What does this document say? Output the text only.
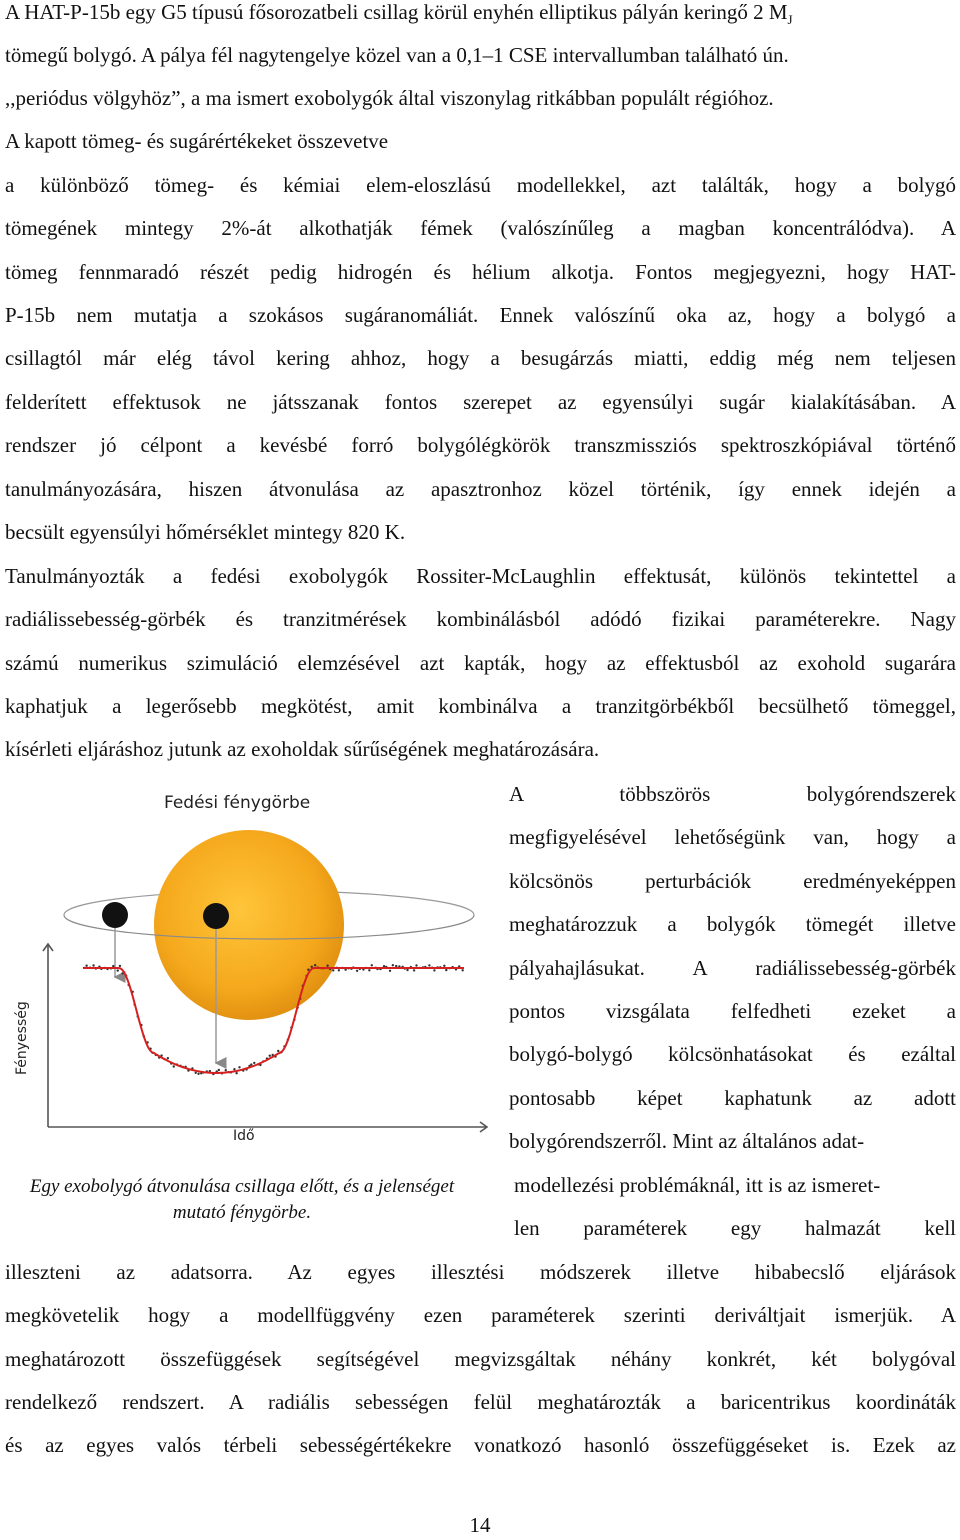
A HAT-P-15b egy G5 típusú fősorozatbeli csillag körül enyhén elliptikus pályán keringő 2 $M_J$
tömegű bolygó. A pálya fél nagytengelye közel van a 0,1–1 CSE intervallumban található ún.
,,periódus völgyhöz”, a ma ismert exobolygók által viszonylag ritkábban populált régióhoz.
A kapott tömeg- és sugárértékeket összevetve
a különböző tömeg- és kémiai elem-eloszlású modellekkel, azt találták, hogy a bolygó
tömegének mintegy 2%-át alkothatják fémek (valószínűleg a magban koncentrálódva). A
tömeg fennmaradó részét pedig hidrogén és hélium alkotja. Fontos megjegyezni, hogy HAT-
P-15b nem mutatja a szokásos sugáranomáliát. Ennek valószínű oka az, hogy a bolygó a
csillagtól már elég távol kering ahhoz, hogy a besugárzás miatti, eddig még nem teljesen
felderített effektusok ne játsszanak fontos szerepet az egyensúlyi sugár kialakításában. A
rendszer jó célpont a kevésbé forró bolygólégkörök transzmissziós spektroszkópiával történő
tanulmányozására, hiszen átvonulása az apasztronhoz közel történik, így ennek idején a
becsült egyensúlyi hőmérséklet mintegy 820 K.
Tanulmányozták a fedési exobolygók Rossiter-McLaughlin effektusát, különös tekintettel a
radiálissebesség-görbék és tranzitmérések kombinálásból adódó fizikai paraméterekre. Nagy
számú numerikus szimuláció elemzésével azt kapták, hogy az effektusból az exohold sugarára
kaphatjuk a legerősebb megkötést, amit kombinálva a tranzitgörbékből becsülhető tömeggel,
kísérleti eljáráshoz jutunk az exoholdak sűrűségének meghatározására.
Fedési fénygörbe
Fényesség
Idő
Egy exobolygó átvonulása csillaga előtt, és a jelenséget
mutató fénygörbe.
A többszörös bolygórendszerek
megfigyelésével lehetőségünk van, hogy a
kölcsönös perturbációk eredményeképpen
meghatározzuk a bolygók tömegét illetve
pályahajlásukat. A radiálissebesség-görbék
pontos vizsgálata felfedheti ezeket a
bolygó-bolygó kölcsönhatásokat és ezáltal
pontosabb képet kaphatunk az adott
bolygórendszerről. Mint az általános adat-
modellezési problémáknál, itt is az ismeret-
len paraméterek egy halmazát kell
illeszteni az adatsorra. Az egyes illesztési módszerek illetve hibabecslő eljárások
megkövetelik hogy a modellfüggvény ezen paraméterek szerinti deriváltjait ismerjük. A
meghatározott összefüggések segítségével megvizsgáltak néhány konkrét, két bolygóval
rendelkező rendszert. A radiális sebességen felül meghatározták a baricentrikus koordináták
és az egyes valós térbeli sebességértékekre vonatkozó hasonló összefüggéseket is. Ezek az
14
